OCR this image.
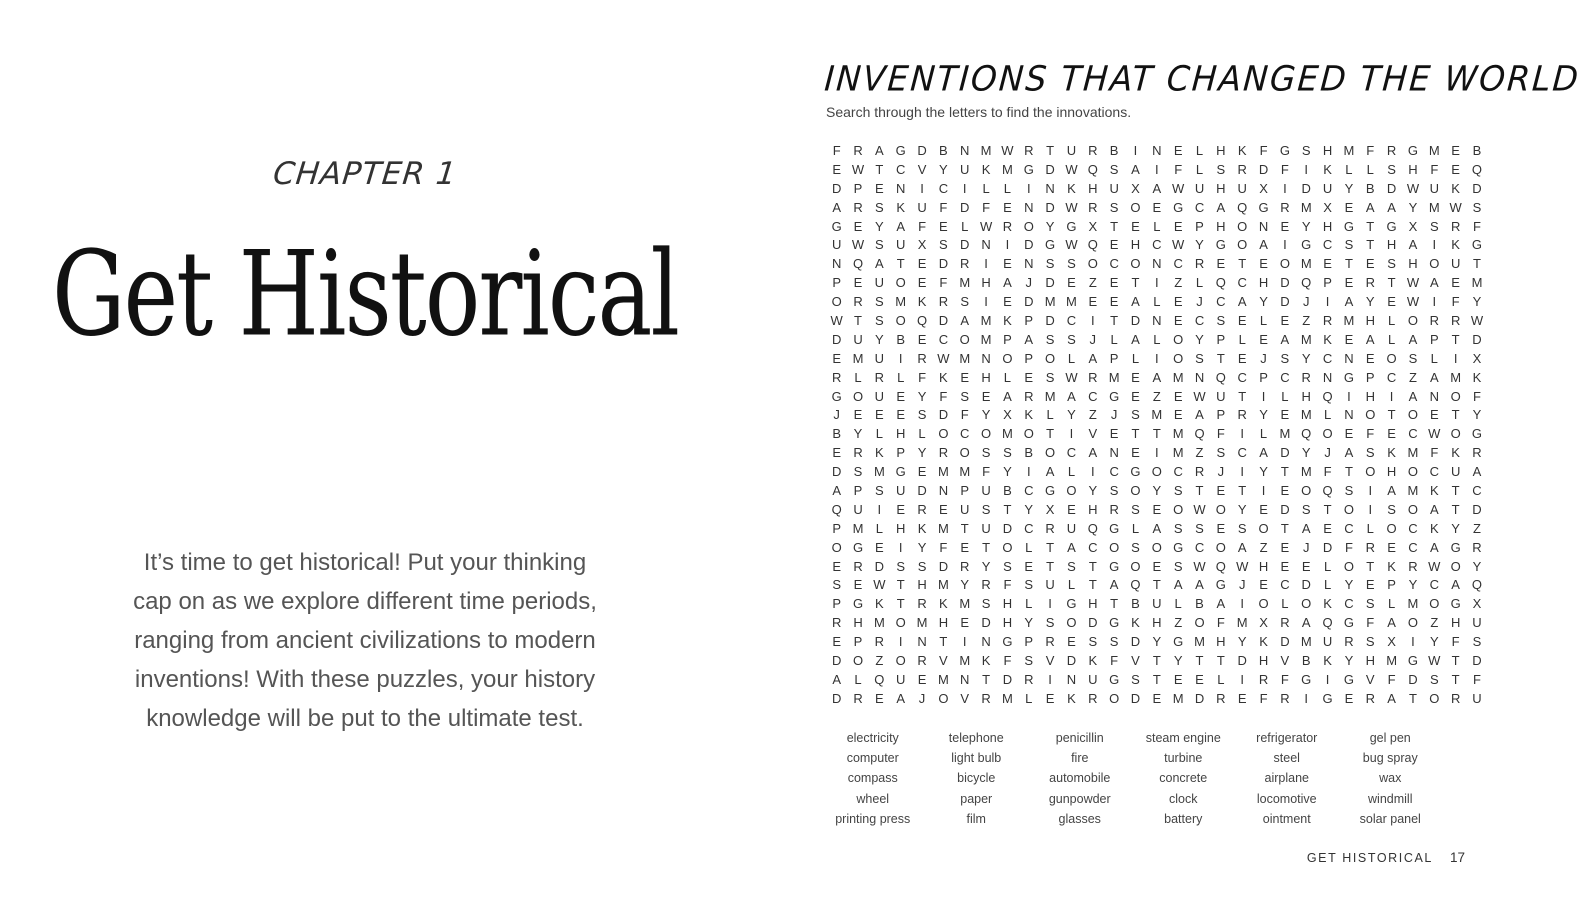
CHAPTER 1
Get Historical
It’s time to get historical! Put your thinking
cap on as we explore different time periods,
ranging from ancient civilizations to modern
inventions! With these puzzles, your history
knowledge will be put to the ultimate test.
INVENTIONS THAT CHANGED THE WORLD
Search through the letters to find the innovations.
F R A G D B N M W R T U R B	I	N E	L	H K	F G S H M F R G M E B
E W T C V Y U K M G D W Q S A	I	F	L	S R D F	I	K	L	L	S H F	E Q
D P E N	I	C	I	L	L	I	N K H U X A W U H U X	I	D U Y B D W U K D
A R S K U F D F	E N D W R S O E G C A Q G R M X E A A Y M W S
G E Y A	F	E	L W R O Y G X	T	E	L	E P H O N E Y H G T G X S R F
U W S U X S D N	I	D G W Q E H C W Y G O A	I	G C S	T H A	I	K G
N Q A	T	E D R	I	E N S S O C O N C R E	T	E O M E	T	E S H O U T
P E U O E	F M H A	J	D E	Z	E	T	I	Z	L Q C H D Q P E R T W A E M
O R S M K R S	I	E D M M E E A	L	E	J	C A Y D	J	I	A Y E W	I	F	Y
W T	S O Q D A M K P D C	I	T D N E C S E	L	E	Z R M H	L O R R W
D U Y B E C O M P A S S	J	L	A	L O Y P	L	E A M K E A	L	A P	T D
E M U	I	R W M N O P O L	A P	L	I	O S	T	E	J	S Y C N E O S	L	I	X
R	L	R	L	F	K E H	L	E S W R M E A M N Q C P C R N G P C Z	A M K
G O U E Y	F	S E A R M A C G E	Z	E W U T	I	L	H Q	I	H	I	A N O F
J	E E E S D F	Y X K	L	Y	Z	J	S M E A P R Y E M L	N O T O E	T	Y
B Y	L	H	L O C O M O T	I	V E	T	T M Q F	I	L M Q O E	F	E C W O G
E R K P Y R O S S B O C A N E	I	M Z	S C A D Y	J	A S K M F	K R
D S M G E M M F	Y	I	A	L	I	C G O C R	J	I	Y	T M F	T O H O C U A
A P S U D N P U B C G O Y S O Y S	T	E	T	I	E O Q S	I	A M K	T C
Q U	I	E R E U S	T	Y X E H R S E O W O Y E D S	T O	I	S O A	T D
P M L	H K M T U D C R U Q G L	A S S E S O T	A E C	L O C K Y	Z
O G E	I	Y	F	E	T O L	T	A C O S O G C O A	Z	E	J	D F R E C A G R
E R D S S D R Y S E	T	S	T G O E S W Q W H E E	L O T	K R W O Y
S E W T H M Y R F	S U	L	T	A Q T	A A G	J	E C D	L	Y E P Y C A Q
P G K	T R K M S H	L	I	G H T	B U	L	B A	I	O L O K C S	L M O G X
R H M O M H E D H Y S O D G K H Z O F M X R A Q G F	A O Z H U
E P R	I	N T	I	N G P R E S S D Y G M H Y K D M U R S X	I	Y	F	S
D O Z O R V M K	F	S V D K	F	V	T	Y	T	T D H V B K Y H M G W T D
A	L Q U E M N T D R	I	N U G S	T	E E	L	I	R F G	I	G V	F D S	T	F
D R E A	J	O V R M L	E K R O D E M D R E	F R	I	G E R A	T O R U
electricity	telephone	penicillin	steam engine	refrigerator	gel pen
computer	light bulb	fire	turbine	steel	bug spray
compass	bicycle	automobile	concrete	airplane	wax
wheel	paper	gunpowder	clock	locomotive	windmill
printing press	film	glasses	battery	ointment	solar panel
GET HISTORICAL 17
